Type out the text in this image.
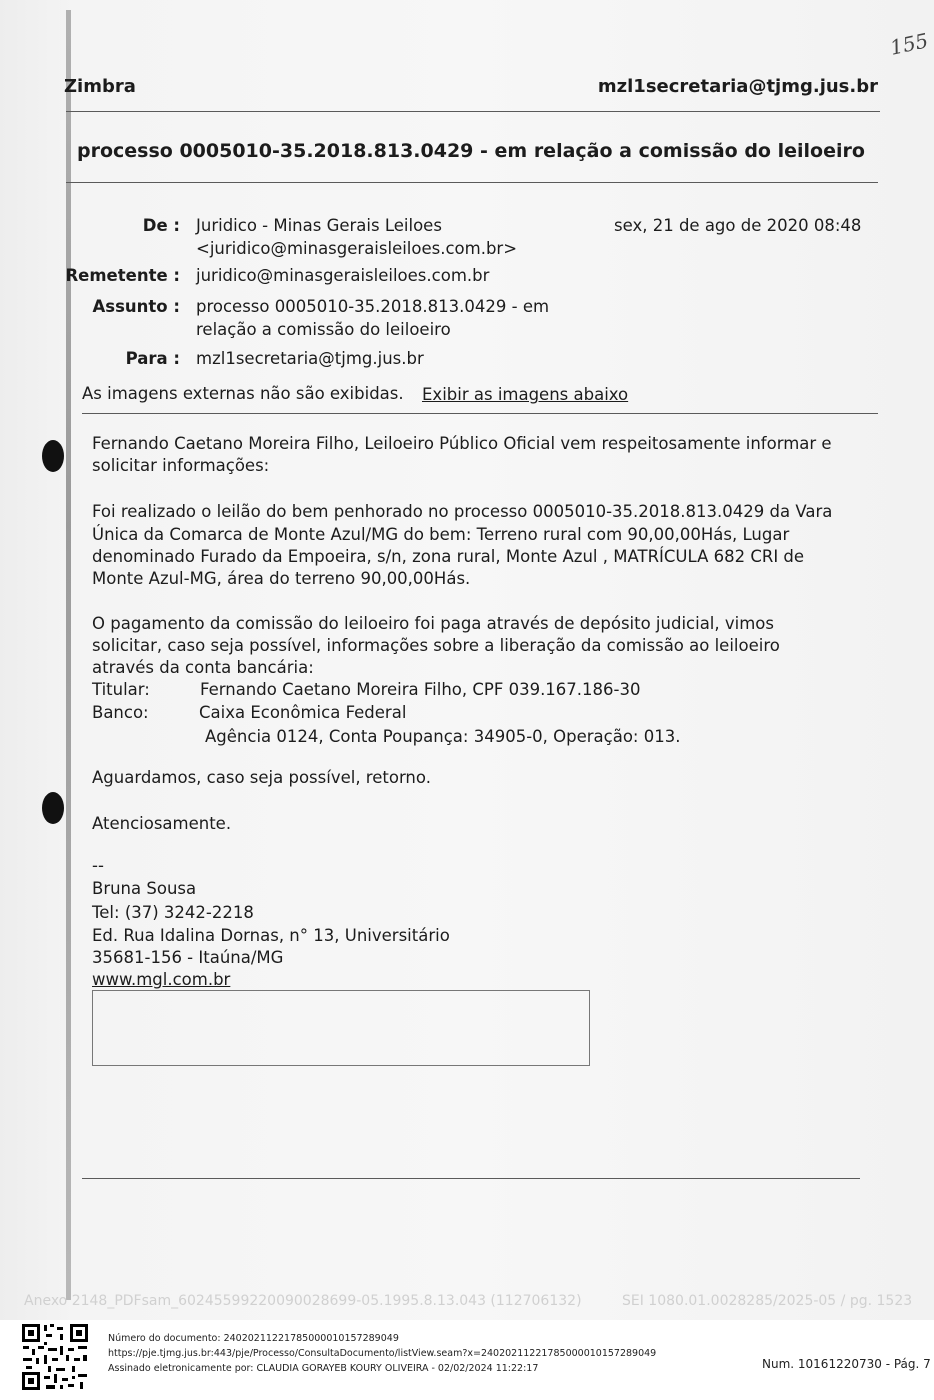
155
Zimbra	mzl1secretaria@tjmg.jus.br
processo 0005010-35.2018.813.0429 - em relação a comissão do leiloeiro
De : Juridico - Minas Gerais Leiloes
<juridico@minasgeraisleiloes.com.br>
sex, 21 de ago de 2020 08:48
Remetente : juridico@minasgeraisleiloes.com.br
Assunto : processo 0005010-35.2018.813.0429 - em
relação a comissão do leiloeiro
Para : mzl1secretaria@tjmg.jus.br
As imagens externas não são exibidas. Exibir as imagens abaixo
Fernando Caetano Moreira Filho, Leiloeiro Público Oficial vem respeitosamente informar e
solicitar informações:
Foi realizado o leilão do bem penhorado no processo 0005010-35.2018.813.0429 da Vara
Única da Comarca de Monte Azul/MG do bem: Terreno rural com 90,00,00Hás, Lugar
denominado Furado da Empoeira, s/n, zona rural, Monte Azul , MATRÍCULA 682 CRI de
Monte Azul-MG, área do terreno 90,00,00Hás.
O pagamento da comissão do leiloeiro foi paga através de depósito judicial, vimos
solicitar, caso seja possível, informações sobre a liberação da comissão ao leiloeiro
através da conta bancária:
Titular:	Fernando Caetano Moreira Filho, CPF 039.167.186-30
Banco:	Caixa Econômica Federal
Agência 0124, Conta Poupança: 34905-0, Operação: 013.
Aguardamos, caso seja possível, retorno.
Atenciosamente.
--
Bruna Sousa
Tel: (37) 3242-2218
Ed. Rua Idalina Dornas, n° 13, Universitário
35681-156 - Itaúna/MG
www.mgl.com.br
Anexo 2148_PDFsam_60245599220090028699-05.1995.8.13.043 (112706132)	SEI 1080.01.0028285/2025-05 / pg. 1523
Número do documento: 24020211221785000010157289049
https://pje.tjmg.jus.br:443/pje/Processo/ConsultaDocumento/listView.seam?x=24020211221785000010157289049
Assinado eletronicamente por: CLAUDIA GORAYEB KOURY OLIVEIRA - 02/02/2024 11:22:17	Num. 10161220730 - Pág. 7
